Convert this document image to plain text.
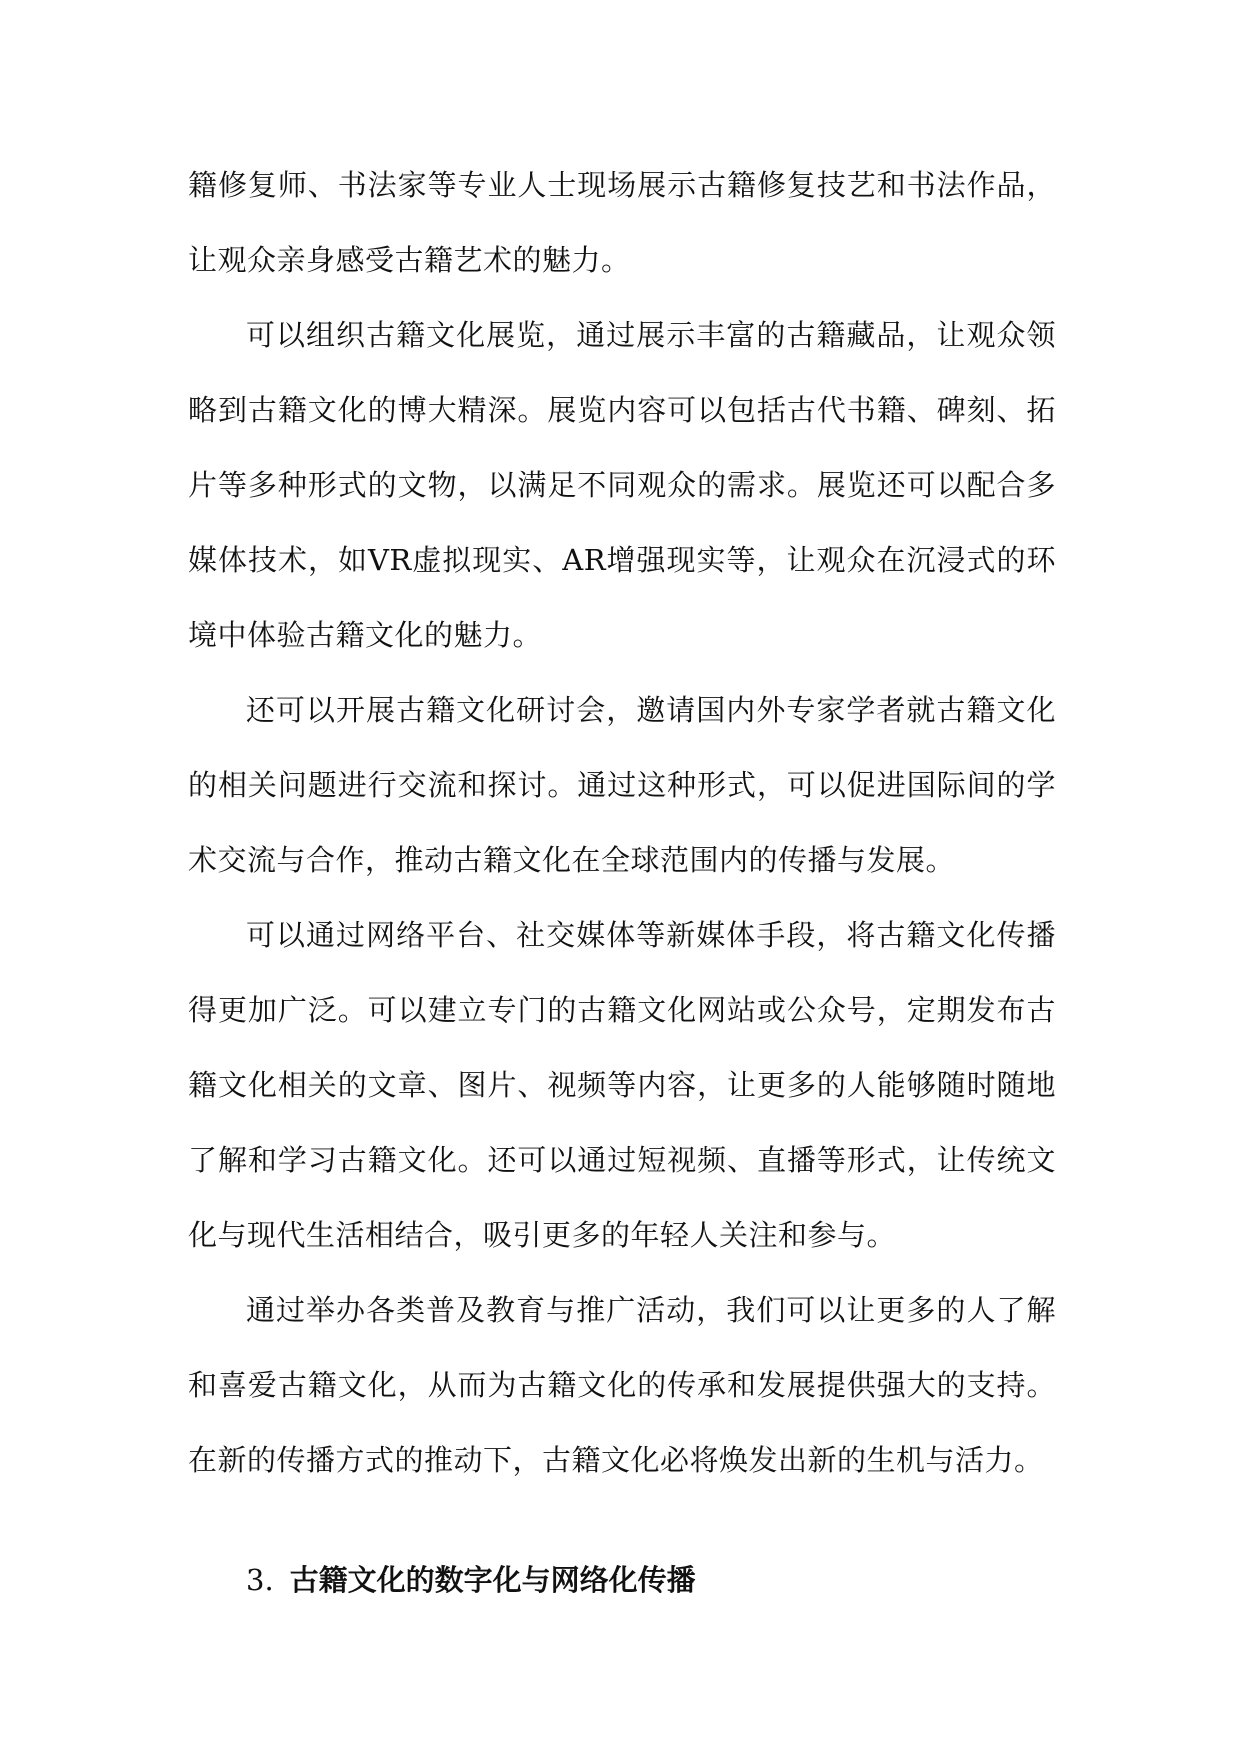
籍修复师、书法家等专业人士现场展示古籍修复技艺和书法作品，让观众亲身感受古籍艺术的魅力。

可以组织古籍文化展览，通过展示丰富的古籍藏品，让观众领略到古籍文化的博大精深。展览内容可以包括古代书籍、碑刻、拓片等多种形式的文物，以满足不同观众的需求。展览还可以配合多媒体技术，如VR虚拟现实、AR增强现实等，让观众在沉浸式的环境中体验古籍文化的魅力。

还可以开展古籍文化研讨会，邀请国内外专家学者就古籍文化的相关问题进行交流和探讨。通过这种形式，可以促进国际间的学术交流与合作，推动古籍文化在全球范围内的传播与发展。

可以通过网络平台、社交媒体等新媒体手段，将古籍文化传播得更加广泛。可以建立专门的古籍文化网站或公众号，定期发布古籍文化相关的文章、图片、视频等内容，让更多的人能够随时随地了解和学习古籍文化。还可以通过短视频、直播等形式，让传统文化与现代生活相结合，吸引更多的年轻人关注和参与。

通过举办各类普及教育与推广活动，我们可以让更多的人了解和喜爱古籍文化，从而为古籍文化的传承和发展提供强大的支持。在新的传播方式的推动下，古籍文化必将焕发出新的生机与活力。

3. 古籍文化的数字化与网络化传播
